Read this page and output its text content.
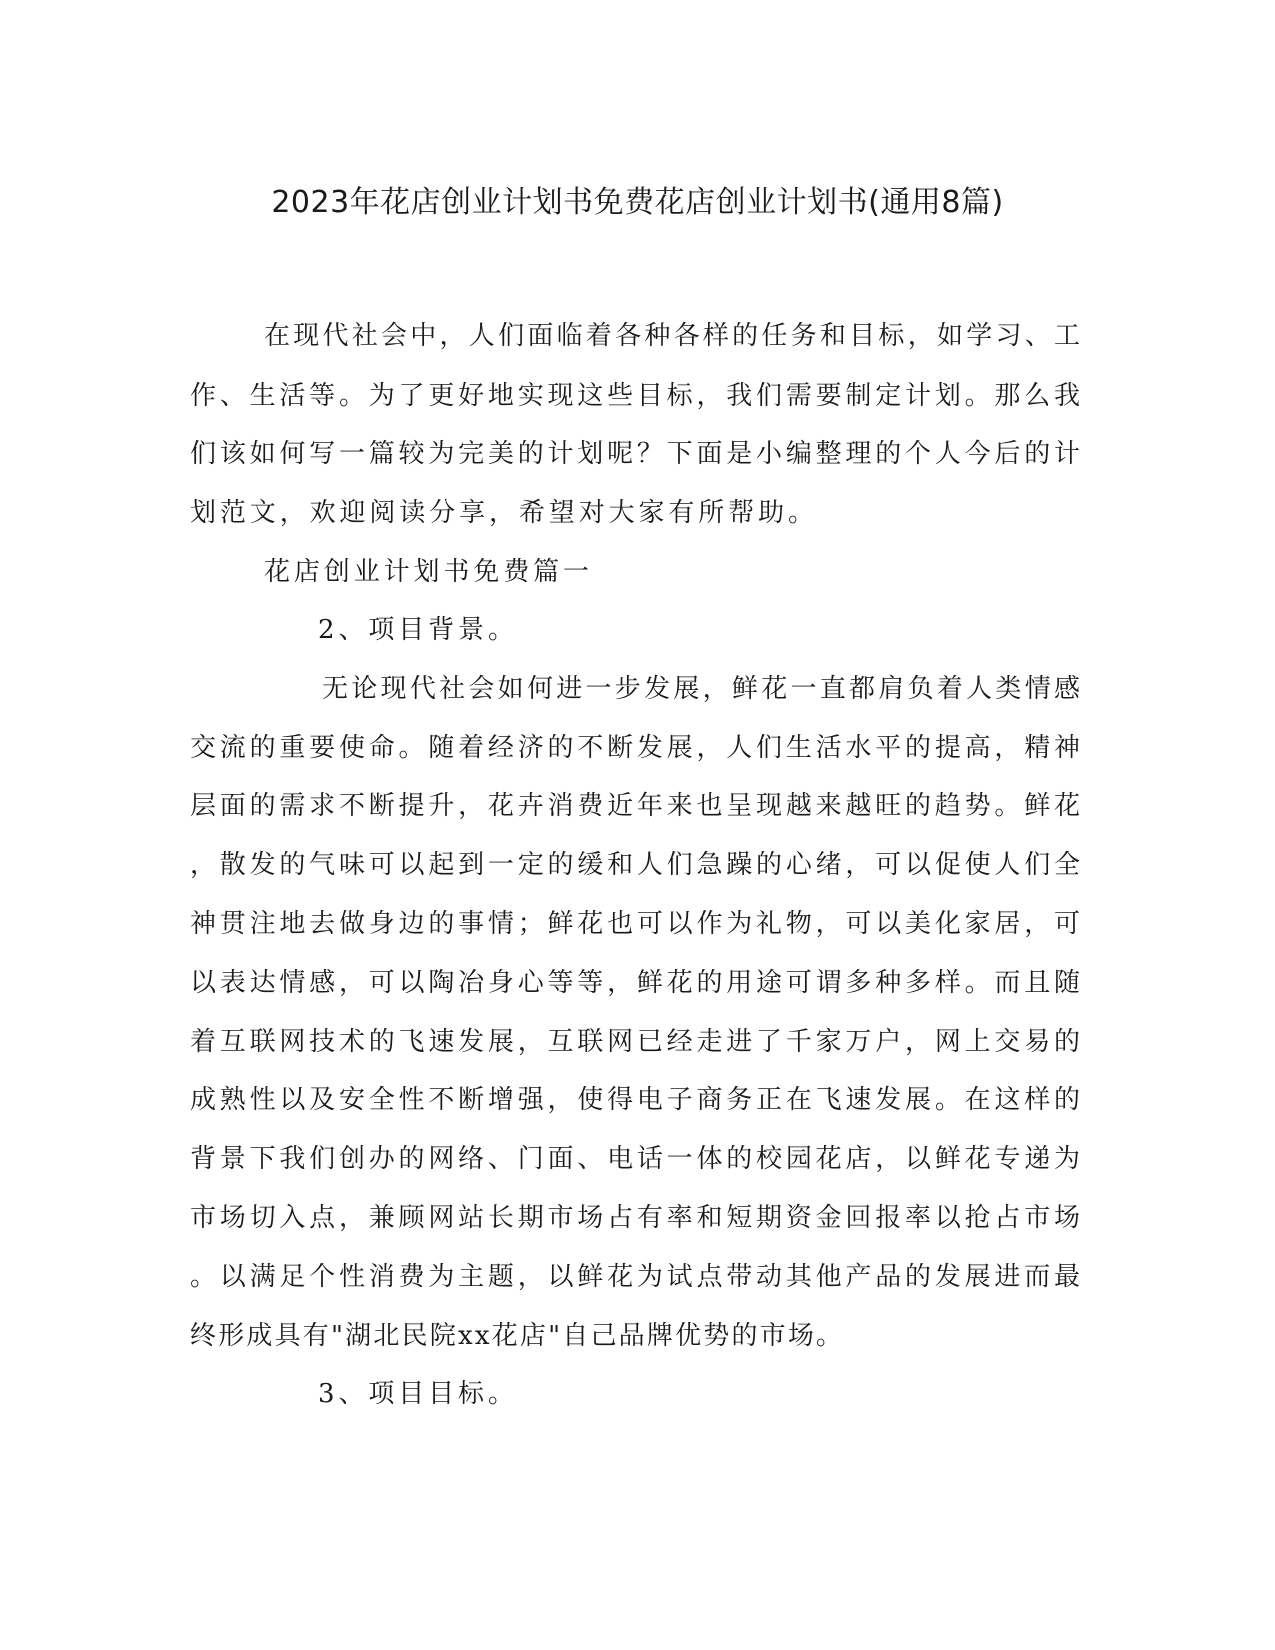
2023年花店创业计划书免费花店创业计划书(通用8篇)
在现代社会中，人们面临着各种各样的任务和目标，如学习、工
作、生活等。为了更好地实现这些目标，我们需要制定计划。那么我
们该如何写一篇较为完美的计划呢？下面是小编整理的个人今后的计
划范文，欢迎阅读分享，希望对大家有所帮助。
花店创业计划书免费篇一
2、项目背景。
无论现代社会如何进一步发展，鲜花一直都肩负着人类情感
交流的重要使命。随着经济的不断发展，人们生活水平的提高，精神
层面的需求不断提升，花卉消费近年来也呈现越来越旺的趋势。鲜花
，散发的气味可以起到一定的缓和人们急躁的心绪，可以促使人们全
神贯注地去做身边的事情；鲜花也可以作为礼物，可以美化家居，可
以表达情感，可以陶冶身心等等，鲜花的用途可谓多种多样。而且随
着互联网技术的飞速发展，互联网已经走进了千家万户，网上交易的
成熟性以及安全性不断增强，使得电子商务正在飞速发展。在这样的
背景下我们创办的网络、门面、电话一体的校园花店，以鲜花专递为
市场切入点，兼顾网站长期市场占有率和短期资金回报率以抢占市场
。以满足个性消费为主题，以鲜花为试点带动其他产品的发展进而最
终形成具有"湖北民院xx花店"自己品牌优势的市场。
3、项目目标。
